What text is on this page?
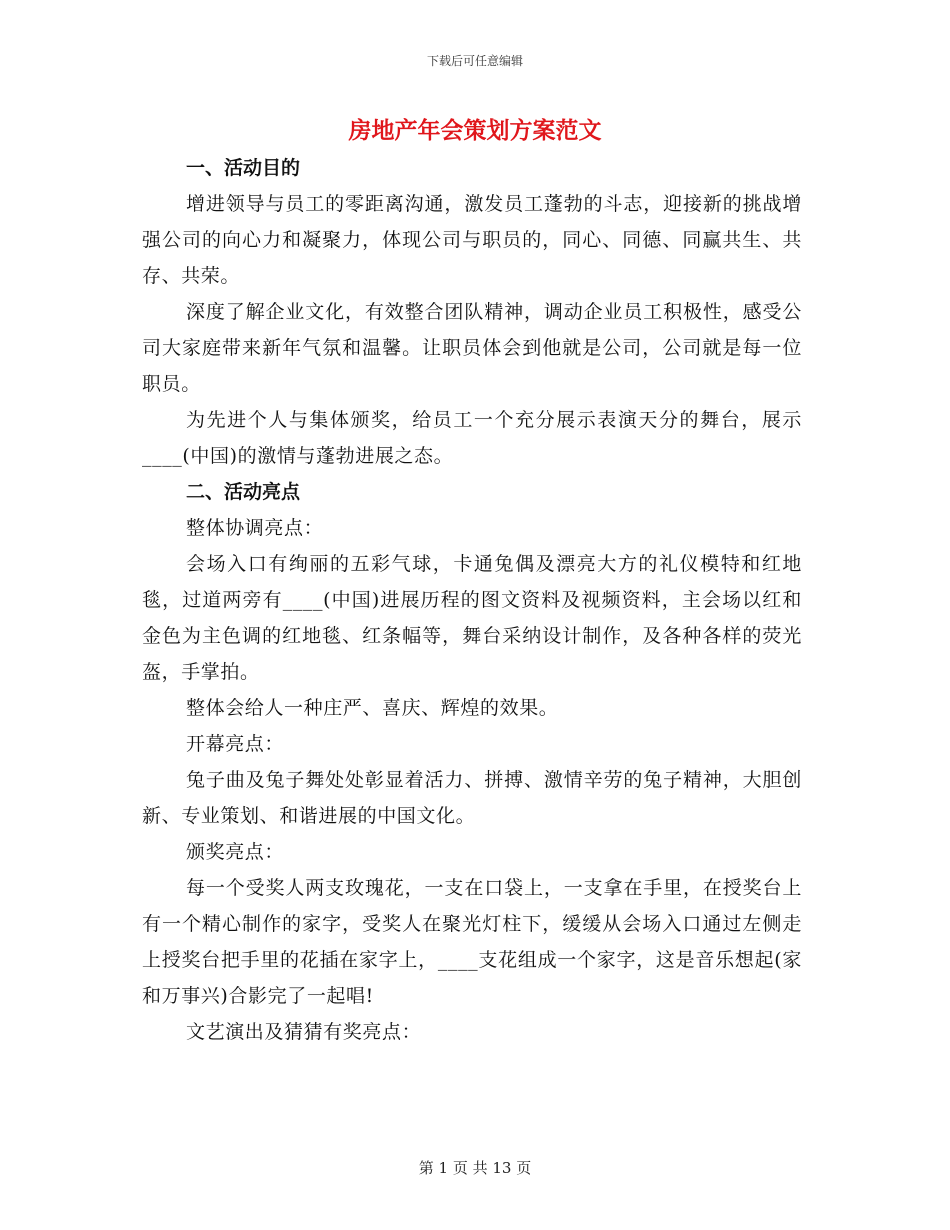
下载后可任意编辑
房地产年会策划方案范文
一、活动目的

增进领导与员工的零距离沟通，激发员工蓬勃的斗志，迎接新的挑战增强公司的向心力和凝聚力，体现公司与职员的，同心、同德、同赢共生、共存、共荣。

深度了解企业文化，有效整合团队精神，调动企业员工积极性，感受公司大家庭带来新年气氛和温馨。让职员体会到他就是公司，公司就是每一位职员。

为先进个人与集体颁奖，给员工一个充分展示表演天分的舞台，展示____(中国)的激情与蓬勃进展之态。

二、活动亮点

整体协调亮点：

会场入口有绚丽的五彩气球，卡通兔偶及漂亮大方的礼仪模特和红地毯，过道两旁有____(中国)进展历程的图文资料及视频资料，主会场以红和金色为主色调的红地毯、红条幅等，舞台采纳设计制作，及各种各样的荧光盔，手掌拍。

整体会给人一种庄严、喜庆、辉煌的效果。

开幕亮点：

兔子曲及兔子舞处处彰显着活力、拼搏、激情辛劳的兔子精神，大胆创新、专业策划、和谐进展的中国文化。

颁奖亮点：

每一个受奖人两支玫瑰花，一支在口袋上，一支拿在手里，在授奖台上有一个精心制作的家字，受奖人在聚光灯柱下，缓缓从会场入口通过左侧走上授奖台把手里的花插在家字上，____支花组成一个家字，这是音乐想起(家和万事兴)合影完了一起唱!

文艺演出及猜猜有奖亮点：

第 1 页 共 13 页
